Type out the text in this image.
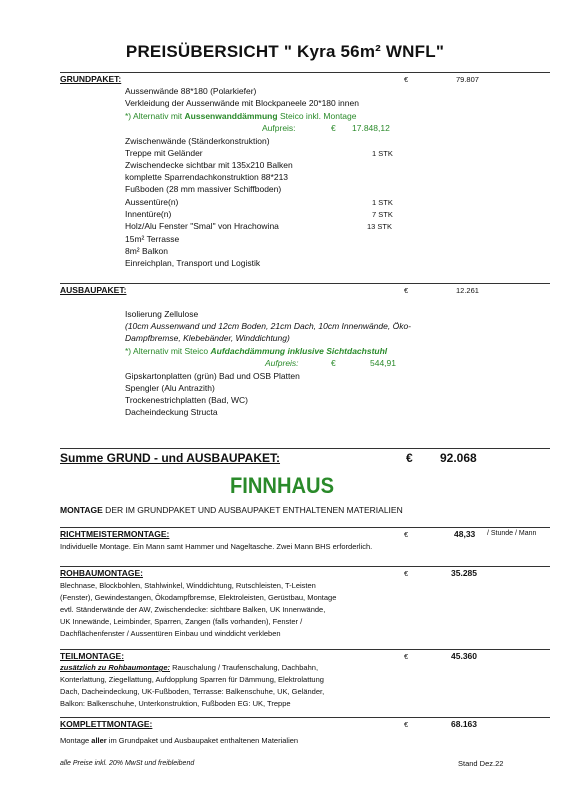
PREISÜBERSICHT " Kyra 56m² WNFL"
GRUNDPAKET:	€	79.807
Aussenwände 88*180 (Polarkiefer)
Verkleidung der Aussenwände mit Blockpaneele 20*180 innen
*) Alternativ mit Aussenwanddämmung Steico inkl. Montage
Aufpreis:	€ 17.848,12
Zwischenwände (Ständerkonstruktion)
Treppe mit Geländer	1 STK
Zwischendecke sichtbar mit 135x210 Balken
komplette Sparrendachkonstruktion 88*213
Fußboden (28 mm massiver Schiffboden)
Aussentüre(n)	1 STK
Innentüre(n)	7 STK
Holz/Alu Fenster "Smal" von Hrachowina	13 STK
15m² Terrasse
8m² Balkon
Einreichplan, Transport und Logistik
AUSBAUPAKET:	€	12.261
Isolierung Zellulose
(10cm Aussenwand und 12cm Boden, 21cm Dach, 10cm Innenwände, Öko-
Dampfbremse, Klebebänder, Winddichtung)
*) Alternativ mit Steico Aufdachdämmung inklusive Sichtdachstuhl
Aufpreis:	€	544,91
Gipskartonplatten (grün) Bad und OSB Platten
Spengler (Alu Antrazith)
Trockenestrichplatten (Bad, WC)
Dacheindeckung Structa
Summe GRUND - und AUSBAUPAKET:	€ 92.068
FINNHAUS
MONTAGE DER IM GRUNDPAKET UND AUSBAUPAKET ENTHALTENEN MATERIALIEN
RICHTMEISTERMONTAGE:	€	48,33 / Stunde / Mann
Individuelle Montage. Ein Mann samt Hammer und Nageltasche. Zwei Mann BHS erforderlich.
ROHBAUMONTAGE:	€	35.285
Blechnase, Blockbohlen, Stahlwinkel, Winddichtung, Rutschleisten, T-Leisten
(Fenster), Gewindestangen, Ökodampfbremse, Elektroleisten, Gerüstbau, Montage
evtl. Ständerwände der AW, Zwischendecke: sichtbare Balken, UK Innenwände,
UK Innewände, Leimbinder, Sparren, Zangen (falls vorhanden), Fenster /
Dachflächenfenster / Aussentüren Einbau und winddicht verkleben
TEILMONTAGE:	€	45.360
zusätzlich zu Rohbaumontage: Rauschalung / Traufenschalung, Dachbahn,
Konterlattung, Ziegellattung, Aufdopplung Sparren für Dämmung, Elektrolattung
Dach, Dacheindeckung, UK-Fußboden, Terrasse: Balkenschuhe, UK, Geländer,
Balkon: Balkenschuhe, Unterkonstruktion, Fußboden EG: UK, Treppe
KOMPLETTMONTAGE:	€	68.163
Montage aller im Grundpaket und Ausbaupaket enthaltenen Materialien
alle Preise inkl. 20% MwSt und freibleibend	Stand Dez.22
